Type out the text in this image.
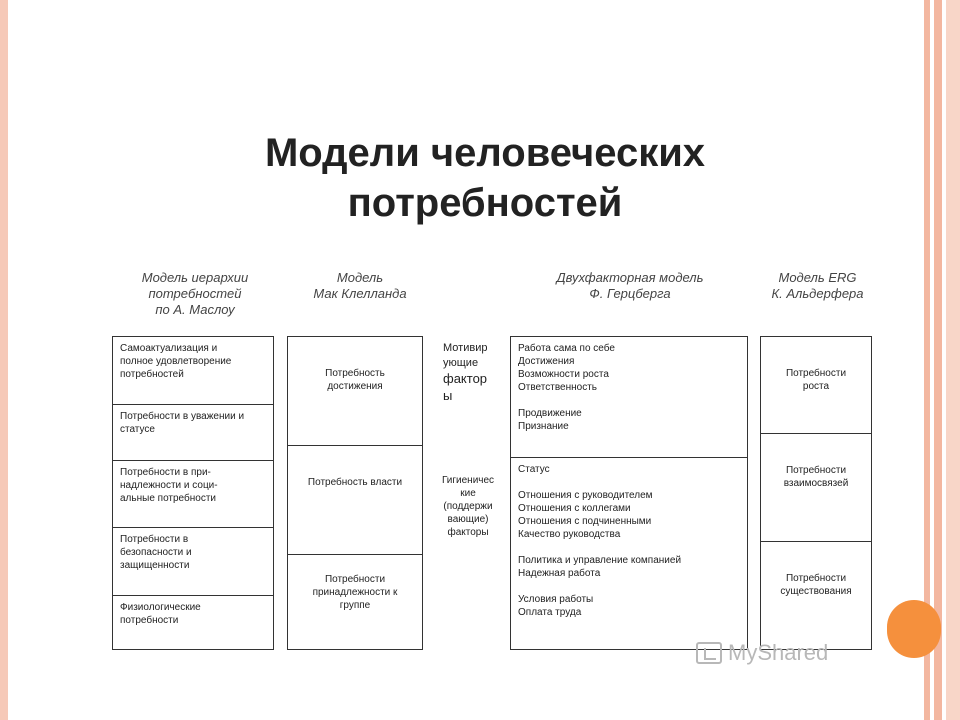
Модели человеческих потребностей
Модель иерархии
потребностей
по А. Маслоу
Модель
Мак Клелланда
Двухфакторная модель
Ф. Герцберга
Модель ERG
К. Альдерфера
Самоактуализация и
полное удовлетворение
потребностей
Потребности в уважении и
статусе
Потребности в при-
надлежности и соци-
альные потребности
Потребности в
безопасности и
защищенности
Физиологические
потребности
Потребность
достижения
Потребность власти
Потребности
принадлежности к
группе
Мотивир
ующие
фактор
ы
Гигиеничес
кие
(поддержи
вающие)
факторы
Работа сама по себе
Достижения
Возможности роста
Ответственность

Продвижение
Признание
Статус

Отношения с руководителем
Отношения с коллегами
Отношения с подчиненными
Качество руководства

Политика и управление компанией
Надежная работа

Условия работы
Оплата труда
Потребности
роста
Потребности
взаимосвязей
Потребности
существования
MyShared
